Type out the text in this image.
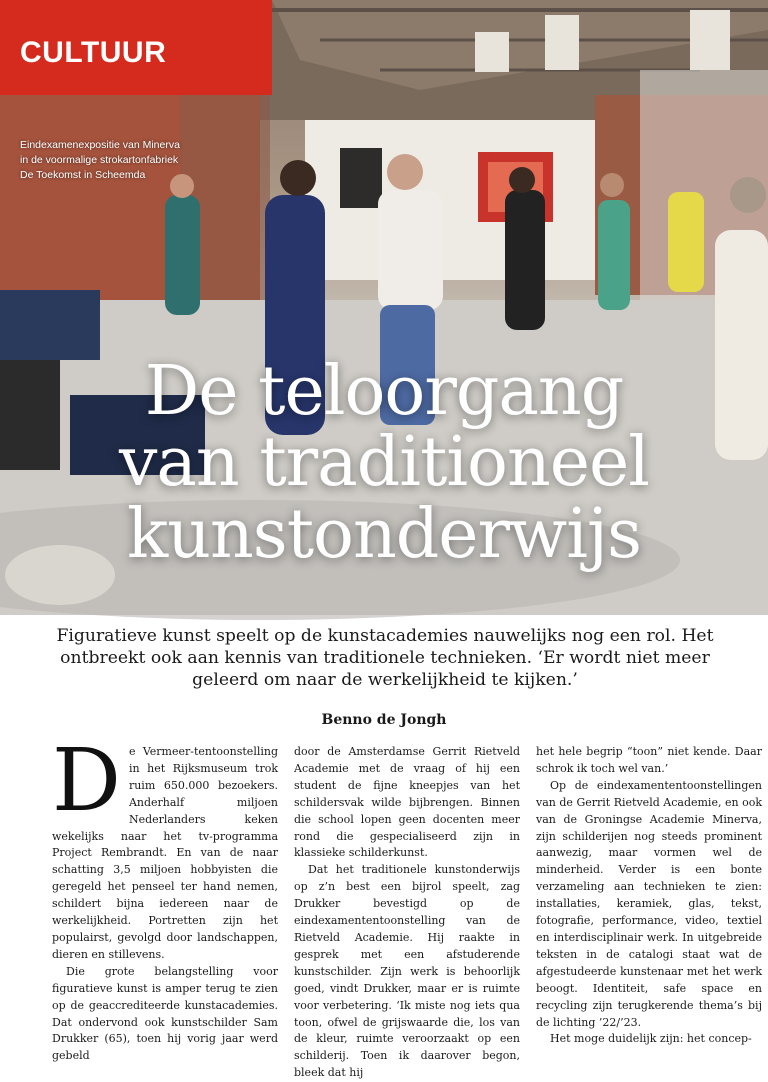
CULTUUR
Eindexamenexpositie van Minerva in de voormalige strokartonfabriek De Toekomst in Scheemda
De teloorgang
van traditioneel
kunstonderwijs

Figuratieve kunst speelt op de kunstacademies nauwelijks nog een rol. Het ontbreekt ook aan kennis van traditionele technieken. ‘Er wordt niet meer geleerd om naar de werkelijkheid te kijken.’

Benno de Jongh
D e Vermeer-tentoonstelling in het Rijksmuseum trok ruim 650.000 bezoekers. Anderhalf miljoen Nederlanders keken wekelijks naar het tv-programma Project Rembrandt. En van de naar schatting 3,5 miljoen hobbyisten die geregeld het penseel ter hand nemen, schildert bijna iedereen naar de werkelijkheid. Portretten zijn het populairst, gevolgd door landschappen, dieren en stillevens.

Die grote belangstelling voor figuratieve kunst is amper terug te zien op de geaccrediteerde kunstacademies. Dat ondervond ook kunstschilder Sam Drukker (65), toen hij vorig jaar werd gebeld

door de Amsterdamse Gerrit Rietveld Academie met de vraag of hij een student de fijne kneepjes van het schildersvak wilde bijbrengen. Binnen die school lopen geen docenten meer rond die gespecialiseerd zijn in klassieke schilderkunst.

Dat het traditionele kunstonderwijs op z’n best een bijrol speelt, zag Drukker bevestigd op de eindexamententoonstelling van de Rietveld Academie. Hij raakte in gesprek met een afstuderende kunstschilder. Zijn werk is behoorlijk goed, vindt Drukker, maar er is ruimte voor verbetering. ‘Ik miste nog iets qua toon, ofwel de grijswaarde die, los van de kleur, ruimte veroorzaakt op een schilderij. Toen ik daarover begon, bleek dat hij

het hele begrip “toon” niet kende. Daar schrok ik toch wel van.’

Op de eindexamententoonstellingen van de Gerrit Rietveld Academie, en ook van de Groningse Academie Minerva, zijn schilderijen nog steeds prominent aanwezig, maar vormen wel de minderheid. Verder is een bonte verzameling aan technieken te zien: installaties, keramiek, glas, tekst, fotografie, performance, video, textiel en interdisciplinair werk. In uitgebreide teksten in de catalogi staat wat de afgestudeerde kunstenaar met het werk beoogt. Identiteit, safe space en recycling zijn terugkerende thema’s bij de lichting ’22/’23.

Het moge duidelijk zijn: het concep-
